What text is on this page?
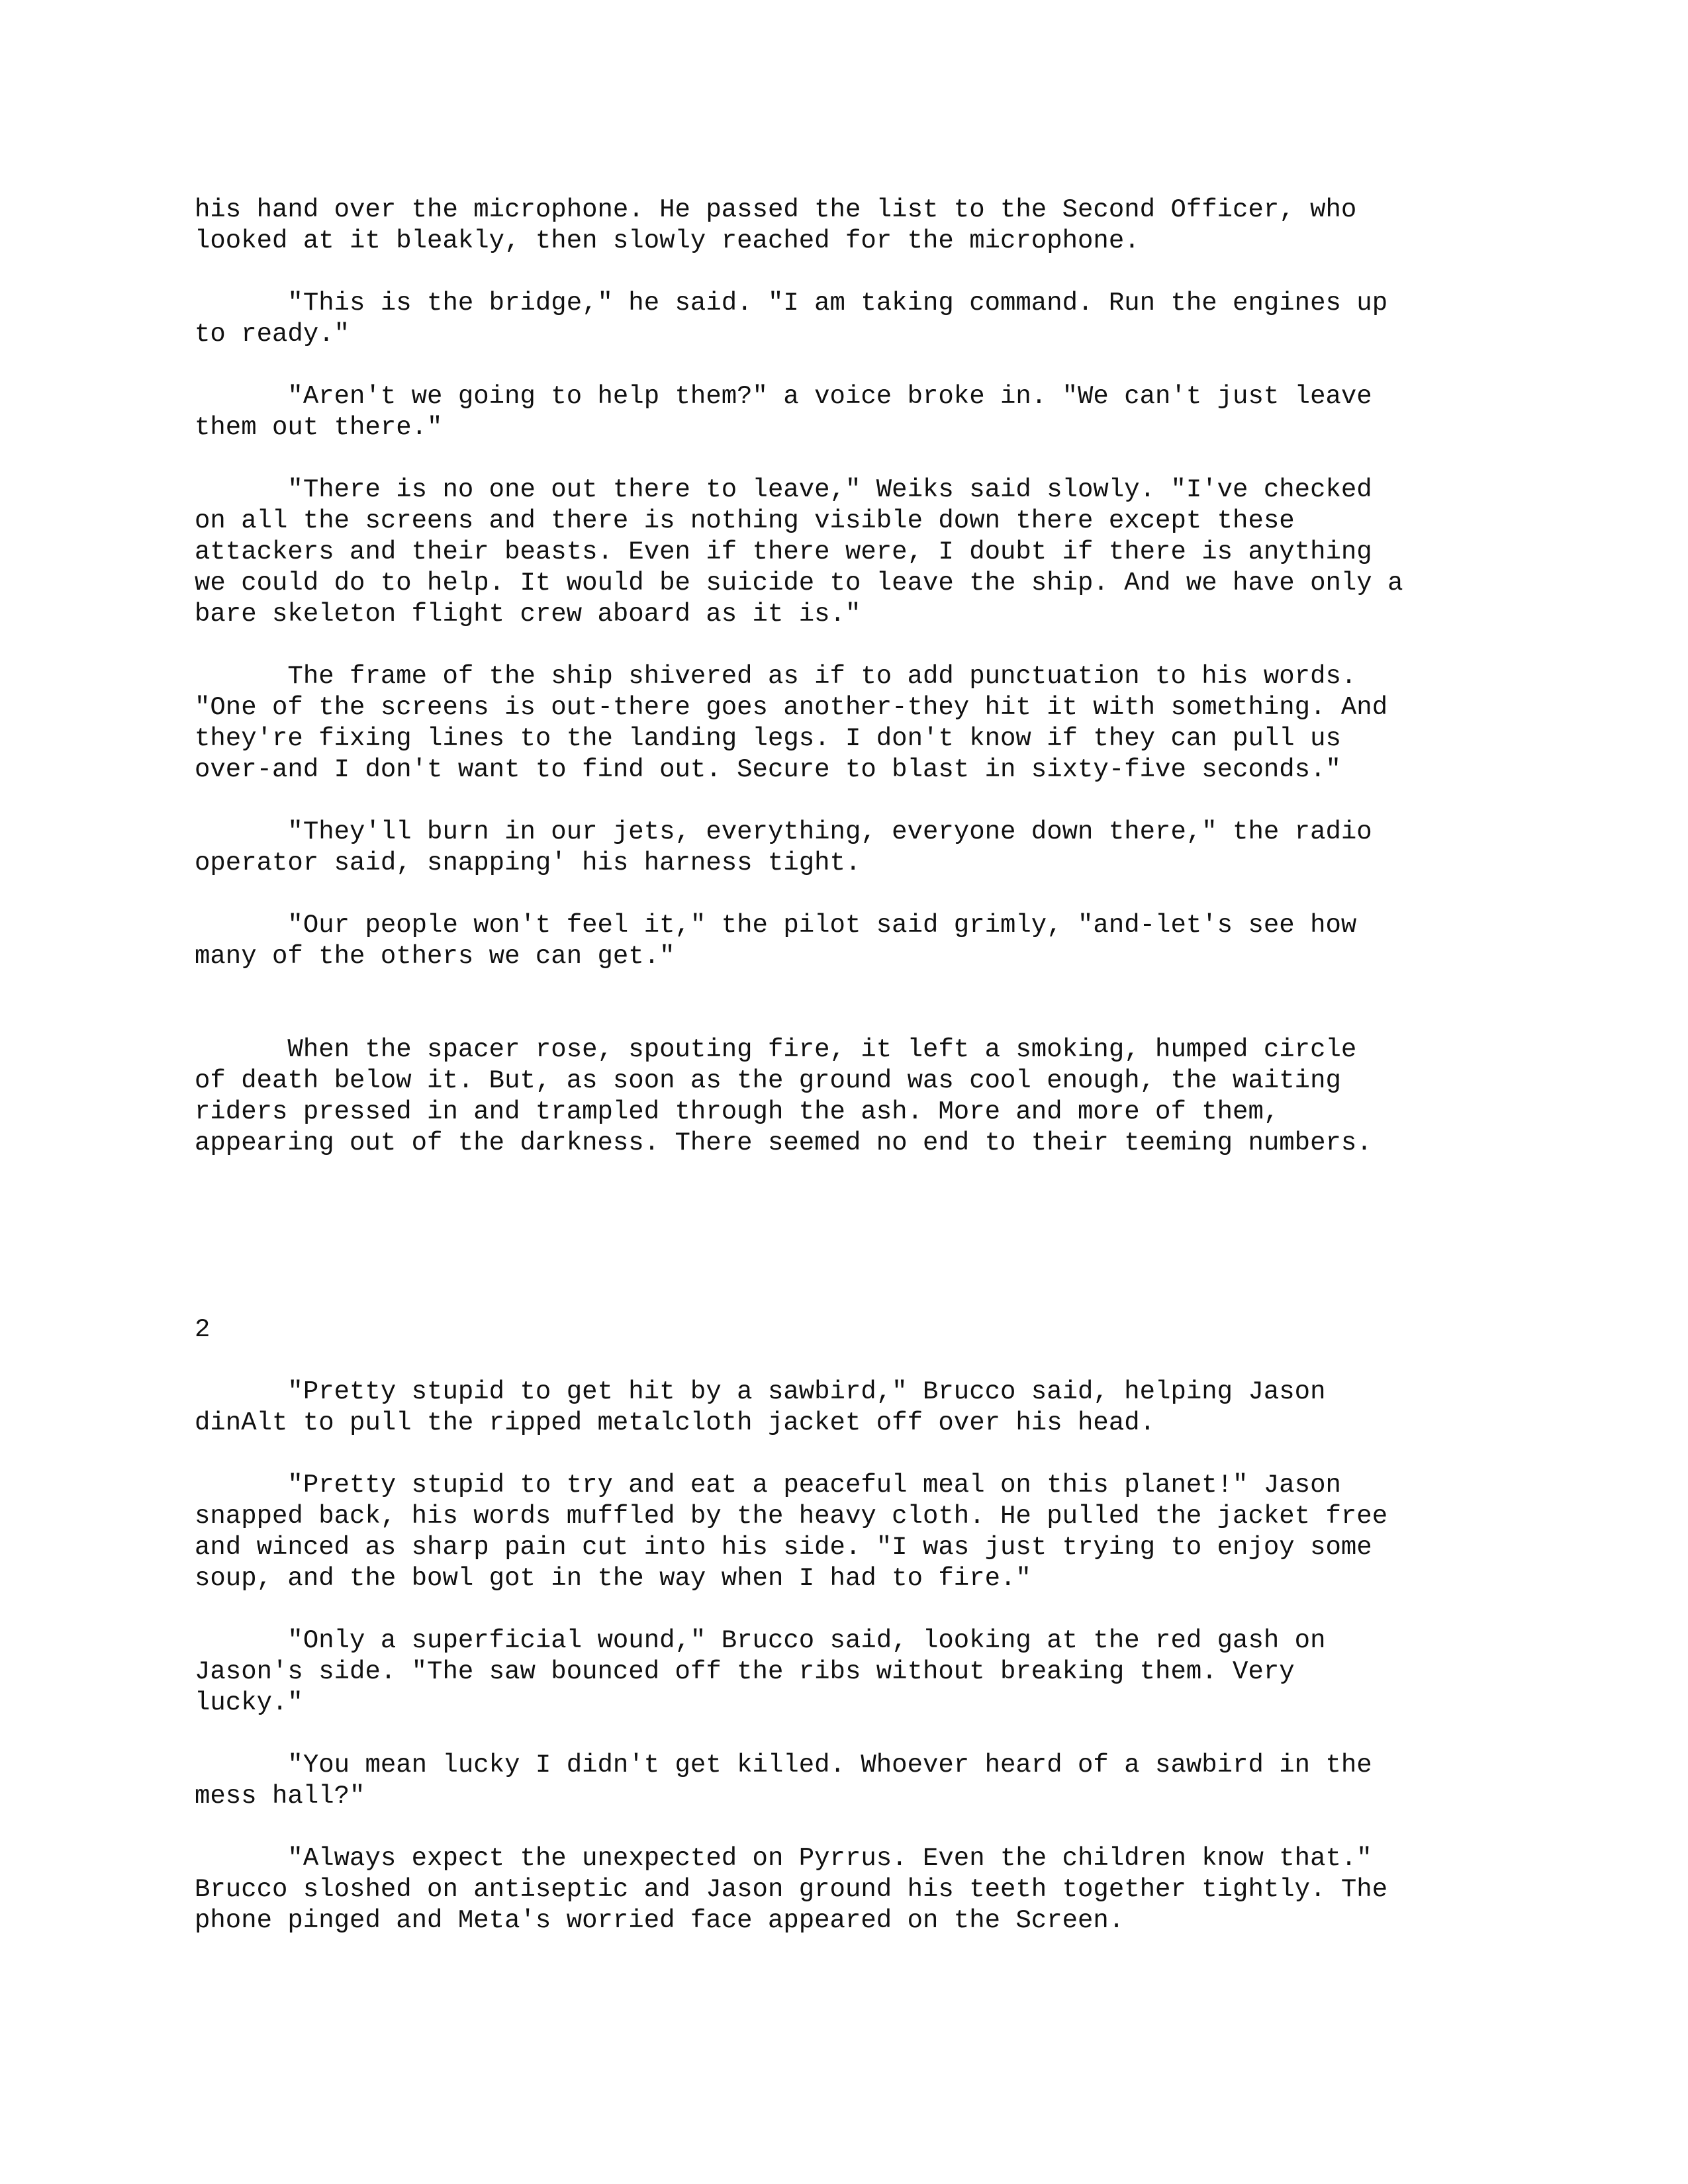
his hand over the microphone. He passed the list to the Second Officer, who
looked at it bleakly, then slowly reached for the microphone.
"This is the bridge," he said. "I am taking command. Run the engines up
to ready."
"Aren't we going to help them?" a voice broke in. "We can't just leave
them out there."
"There is no one out there to leave," Weiks said slowly. "I've checked
on all the screens and there is nothing visible down there except these
attackers and their beasts. Even if there were, I doubt if there is anything
we could do to help. It would be suicide to leave the ship. And we have only a
bare skeleton flight crew aboard as it is."
The frame of the ship shivered as if to add punctuation to his words.
"One of the screens is out-there goes another-they hit it with something. And
they're fixing lines to the landing legs. I don't know if they can pull us
over-and I don't want to find out. Secure to blast in sixty-five seconds."
"They'll burn in our jets, everything, everyone down there," the radio
operator said, snapping' his harness tight.
"Our people won't feel it," the pilot said grimly, "and-let's see how
many of the others we can get."
When the spacer rose, spouting fire, it left a smoking, humped circle
of death below it. But, as soon as the ground was cool enough, the waiting
riders pressed in and trampled through the ash. More and more of them,
appearing out of the darkness. There seemed no end to their teeming numbers.
2
"Pretty stupid to get hit by a sawbird," Brucco said, helping Jason
dinAlt to pull the ripped metalcloth jacket off over his head.
"Pretty stupid to try and eat a peaceful meal on this planet!" Jason
snapped back, his words muffled by the heavy cloth. He pulled the jacket free
and winced as sharp pain cut into his side. "I was just trying to enjoy some
soup, and the bowl got in the way when I had to fire."
"Only a superficial wound," Brucco said, looking at the red gash on
Jason's side. "The saw bounced off the ribs without breaking them. Very
lucky."
"You mean lucky I didn't get killed. Whoever heard of a sawbird in the
mess hall?"
"Always expect the unexpected on Pyrrus. Even the children know that."
Brucco sloshed on antiseptic and Jason ground his teeth together tightly. The
phone pinged and Meta's worried face appeared on the Screen.
